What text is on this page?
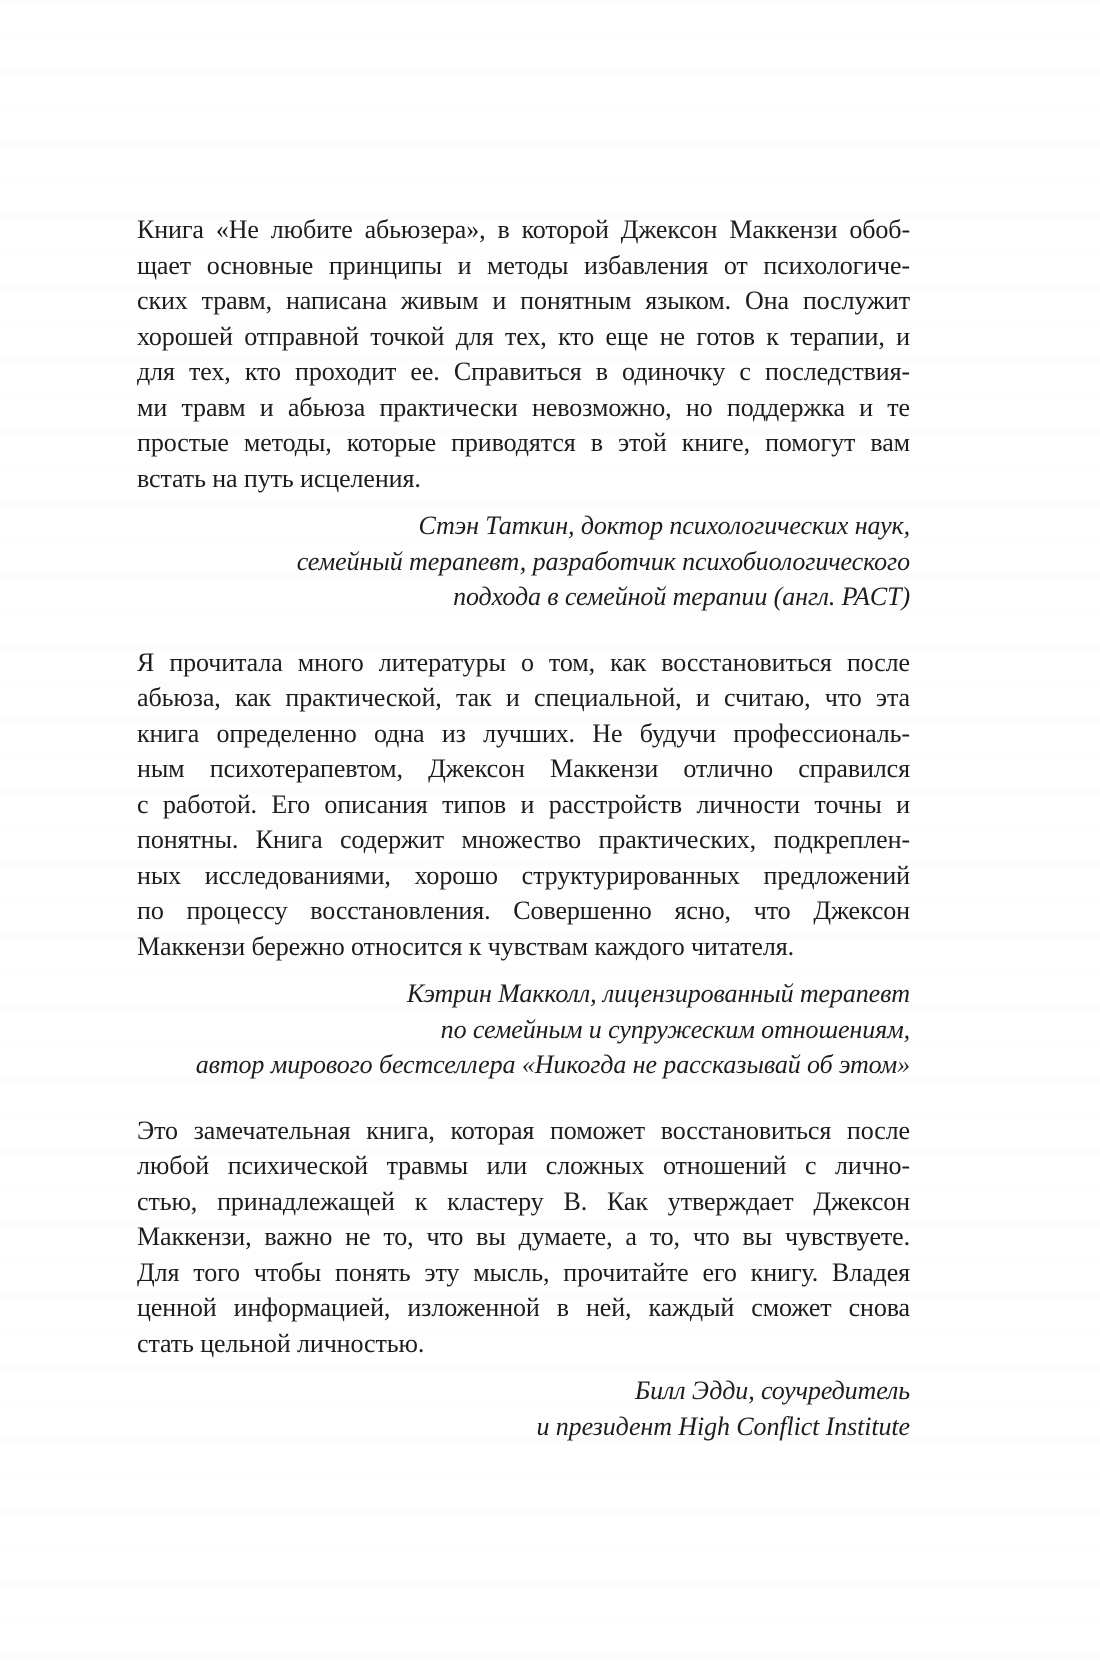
Книга «Не любите абьюзера», в которой Джексон Маккензи обоб-
щает основные принципы и методы избавления от психологиче-
ских травм, написана живым и понятным языком. Она послужит
хорошей отправной точкой для тех, кто еще не готов к терапии, и
для тех, кто проходит ее. Справиться в одиночку с последствия-
ми травм и абьюза практически невозможно, но поддержка и те
простые методы, которые приводятся в этой книге, помогут вам
встать на путь исцеления.
Стэн Таткин, доктор психологических наук,
семейный терапевт, разработчик психобиологического
подхода в семейной терапии (англ. PACT)
Я прочитала много литературы о том, как восстановиться после
абьюза, как практической, так и специальной, и считаю, что эта
книга определенно одна из лучших. Не будучи профессиональ-
ным психотерапевтом, Джексон Маккензи отлично справился
с работой. Его описания типов и расстройств личности точны и
понятны. Книга содержит множество практических, подкреплен-
ных исследованиями, хорошо структурированных предложений
по процессу восстановления. Совершенно ясно, что Джексон
Маккензи бережно относится к чувствам каждого читателя.
Кэтрин Макколл, лицензированный терапевт
по семейным и супружеским отношениям,
автор мирового бестселлера «Никогда не рассказывай об этом»
Это замечательная книга, которая поможет восстановиться после
любой психической травмы или сложных отношений с лично-
стью, принадлежащей к кластеру В. Как утверждает Джексон
Маккензи, важно не то, что вы думаете, а то, что вы чувствуете.
Для того чтобы понять эту мысль, прочитайте его книгу. Владея
ценной информацией, изложенной в ней, каждый сможет снова
стать цельной личностью.
Билл Эдди, соучредитель
и президент High Conflict Institute
